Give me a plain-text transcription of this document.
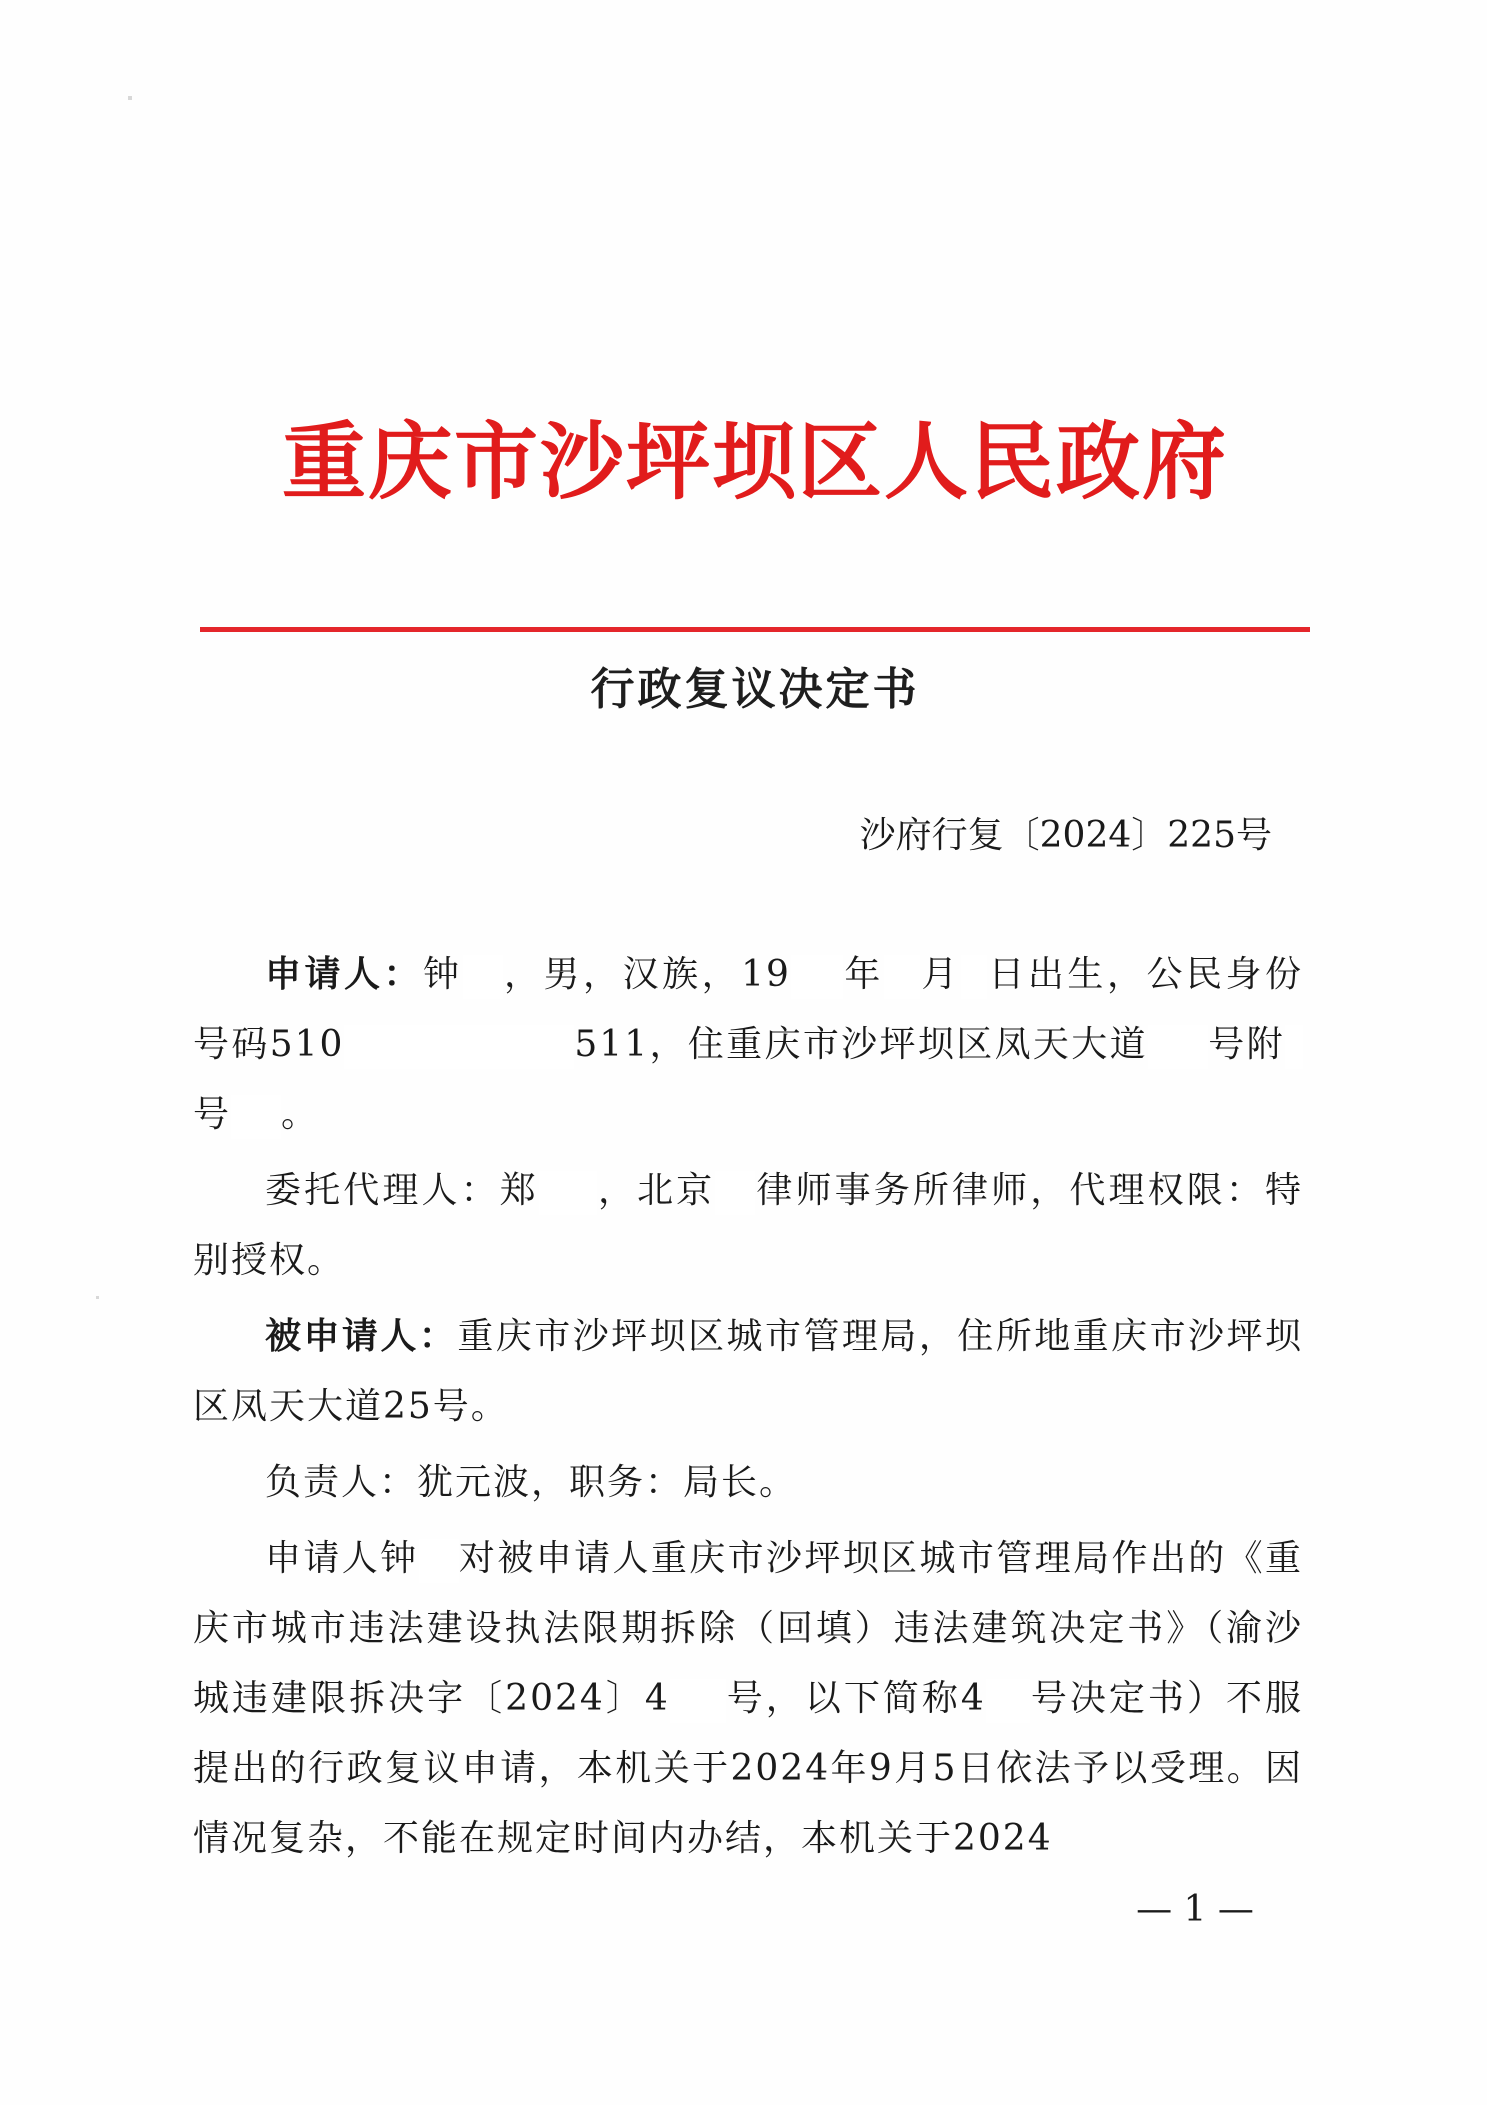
重庆市沙坪坝区人民政府
行政复议决定书
沙府行复〔2024〕225号

申请人：钟 ，男，汉族，19 年 月 日出生，公民身份号码510	511，住重庆市沙坪坝区凤天大道 号附号 。

委托代理人：郑 ，北京 律师事务所律师，代理权限：特别授权。

被申请人：重庆市沙坪坝区城市管理局，住所地重庆市沙坪坝区凤天大道25号。

负责人：犹元波，职务：局长。

申请人钟 对被申请人重庆市沙坪坝区城市管理局作出的《重庆市城市违法建设执法限期拆除（回填）违法建筑决定书》（渝沙城违建限拆决字〔2024〕4 号，以下简称4 号决定书）不服提出的行政复议申请，本机关于2024年9月5日依法予以受理。因情况复杂，不能在规定时间内办结，本机关于2024

— 1 —
